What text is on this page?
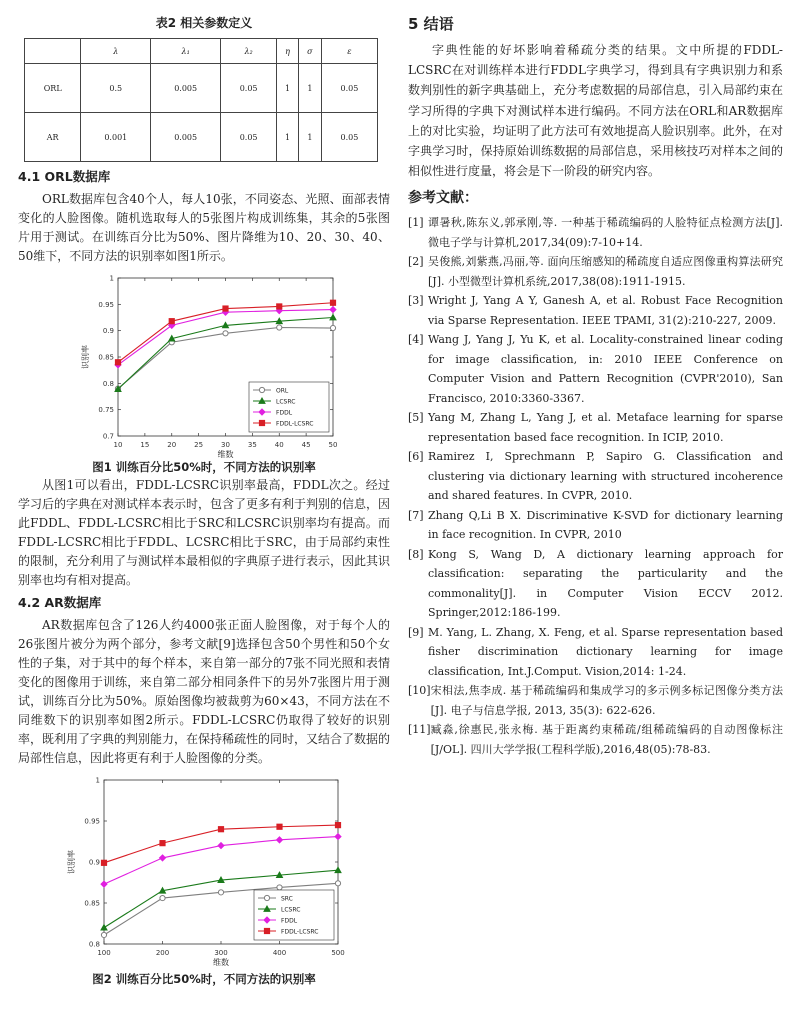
表2 相关参数定义
	λ	λ₁	λ₂	η	σ	ε
ORL	0.5	0.005	0.05	1	1	0.05
AR	0.001	0.005	0.05	1	1	0.05
4.1 ORL数据库

ORL数据库包含40个人，每人10张，不同姿态、光照、面部表情变化的人脸图像。随机选取每人的5张图片构成训练集，其余的5张图片用于测试。在训练百分比为50%、图片降维为10、20、30、40、50维下，不同方法的识别率如图1所示。

10	15	20	25	30	35	40	45	50
0.7
0.75
0.8
0.85
0.9
0.95
1
维数
识别率
ORL
LCSRC
FDDL
FDDL-LCSRC
图1 训练百分比50%时，不同方法的识别率

从图1可以看出，FDDL-LCSRC识别率最高，FDDL次之。经过学习后的字典在对测试样本表示时，包含了更多有利于判别的信息，因此FDDL、FDDL-LCSRC相比于SRC和LCSRC识别率均有提高。而FDDL-LCSRC相比于FDDL、LCSRC相比于SRC，由于局部约束性的限制，充分利用了与测试样本最相似的字典原子进行表示，因此其识别率也均有相对提高。

4.2 AR数据库

AR数据库包含了126人约4000张正面人脸图像，对于每个人的26张图片被分为两个部分，参考文献[9]选择包含50个男性和50个女性的子集，对于其中的每个样本，来自第一部分的7张不同光照和表情变化的图像用于训练，来自第二部分相同条件下的另外7张图片用于测试，训练百分比为50%。原始图像均被裁剪为60×43，不同方法在不同维数下的识别率如图2所示。FDDL-LCSRC仍取得了较好的识别率，既利用了字典的判别能力，在保持稀疏性的同时，又结合了数据的局部性信息，因此将更有利于人脸图像的分类。

100	200	300	400	500
0.8
0.85
0.9
0.95
1
维数
识别率
SRC
LCSRC
FDDL
FDDL-LCSRC
图2 训练百分比50%时，不同方法的识别率
5 结语

字典性能的好坏影响着稀疏分类的结果。文中所提的FDDL-LCSRC在对训练样本进行FDDL字典学习，得到具有字典识别力和系数判别性的新字典基础上，充分考虑数据的局部信息，引入局部约束在学习所得的字典下对测试样本进行编码。不同方法在ORL和AR数据库上的对比实验，均证明了此方法可有效地提高人脸识别率。此外，在对字典学习时，保持原始训练数据的局部信息，采用核技巧对样本之间的相似性进行度量，将会是下一阶段的研究内容。

参考文献：
[1] 谭暑秋,陈东义,郭承刚,等. 一种基于稀疏编码的人脸特征点检测方法[J]. 微电子学与计算机,2017,34(09):7-10+14.
[2] 吴俊熊,刘紫燕,冯丽,等. 面向压缩感知的稀疏度自适应图像重构算法研究[J]. 小型微型计算机系统,2017,38(08):1911-1915.
[3] Wright J, Yang A Y, Ganesh A, et al. Robust Face Recognition via Sparse Representation. IEEE TPAMI, 31(2):210-227, 2009.
[4] Wang J, Yang J, Yu K, et al. Locality-constrained linear coding for image classification, in: 2010 IEEE Conference on Computer Vision and Pattern Recognition (CVPR'2010), San Francisco, 2010:3360-3367.
[5] Yang M, Zhang L, Yang J, et al. Metaface learning for sparse representation based face recognition. In ICIP, 2010.
[6] Ramirez I, Sprechmann P, Sapiro G. Classification and clustering via dictionary learning with structured incoherence and shared features. In CVPR, 2010.
[7] Zhang Q,Li B X. Discriminative K-SVD for dictionary learning in face recognition. In CVPR, 2010
[8] Kong S, Wang D, A dictionary learning approach for classification: separating the particularity and the commonality[J]. in Computer Vision ECCV 2012. Springer,2012:186-199.
[9] M. Yang, L. Zhang, X. Feng, et al. Sparse representation based fisher discrimination dictionary learning for image classification, Int.J.Comput. Vision,2014: 1-24.
[10] 宋相法,焦李成. 基于稀疏编码和集成学习的多示例多标记图像分类方法[J]. 电子与信息学报, 2013, 35(3): 622-626.
[11] 臧淼,徐惠民,张永梅. 基于距离约束稀疏/组稀疏编码的自动图像标注[J/OL]. 四川大学学报(工程科学版),2016,48(05):78-83.
